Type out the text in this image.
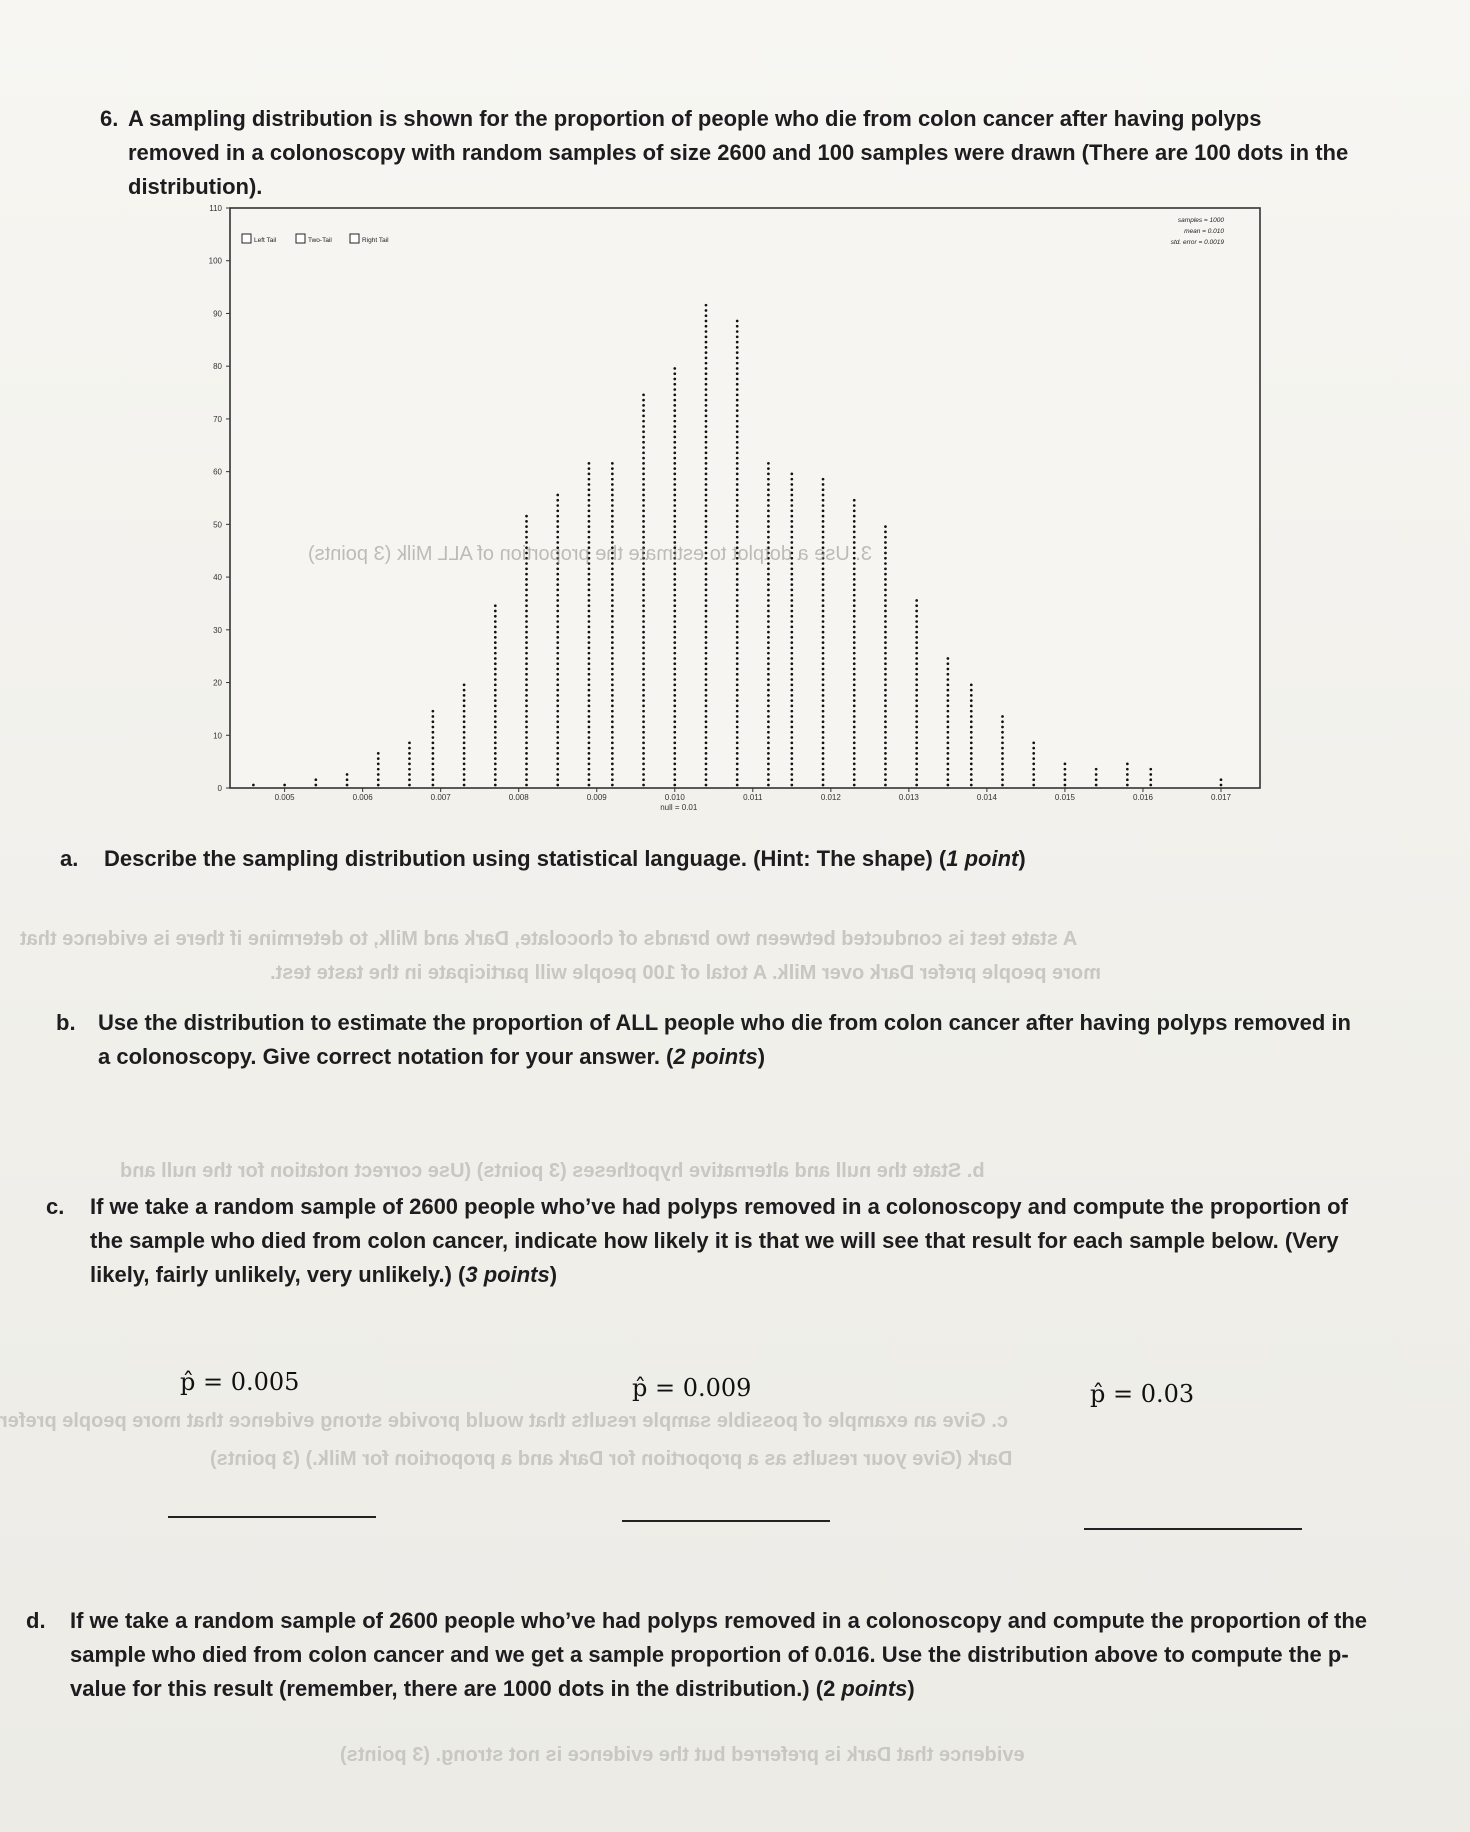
A state test is conducted between two brands of chocolate, Dark and Milk, to determine if there is evidence that
more people prefer Dark over Milk. A total of 100 people will participate in the taste test.
b. State the null and alternative hypotheses (3 points) (Use correct notation for the null and
c. Give an example of possible sample results that would provide strong evidence that more people prefer
Dark (Give your results as a proportion for Dark and a proportion for Milk.) (3 points)
evidence that Dark is preferred but the evidence is not strong. (3 points)
6. A sampling distribution is shown for the proportion of people who die from colon cancer after having polyps removed in a colonoscopy with random samples of size 2600 and 100 samples were drawn (There are 100 dots in the distribution).
0
10
20
30
40
50
60
70
80
90
100
110
0.005	0.006	0.007	0.008	0.009	0.010	0.011	0.012	0.013	0.014	0.015	0.016	0.017
null = 0.01
Left Tail	Two-Tail	Right Tail
samples = 1000
mean = 0.010
std. error = 0.0019
3. Use a dotplot to estimate the proportion of ALL Milk (3 points)
a. Describe the sampling distribution using statistical language. (Hint: The shape) (1 point)
b. Use the distribution to estimate the proportion of ALL people who die from colon cancer after having polyps removed in a colonoscopy. Give correct notation for your answer. (2 points)
c. If we take a random sample of 2600 people who’ve had polyps removed in a colonoscopy and compute the proportion of the sample who died from colon cancer, indicate how likely it is that we will see that result for each sample below. (Very likely, fairly unlikely, very unlikely.) (3 points)
p̂ = 0.005	p̂ = 0.009	p̂ = 0.03
d. If we take a random sample of 2600 people who’ve had polyps removed in a colonoscopy and compute the proportion of the sample who died from colon cancer and we get a sample proportion of 0.016. Use the distribution above to compute the p-value for this result (remember, there are 1000 dots in the distribution.) (2 points)
